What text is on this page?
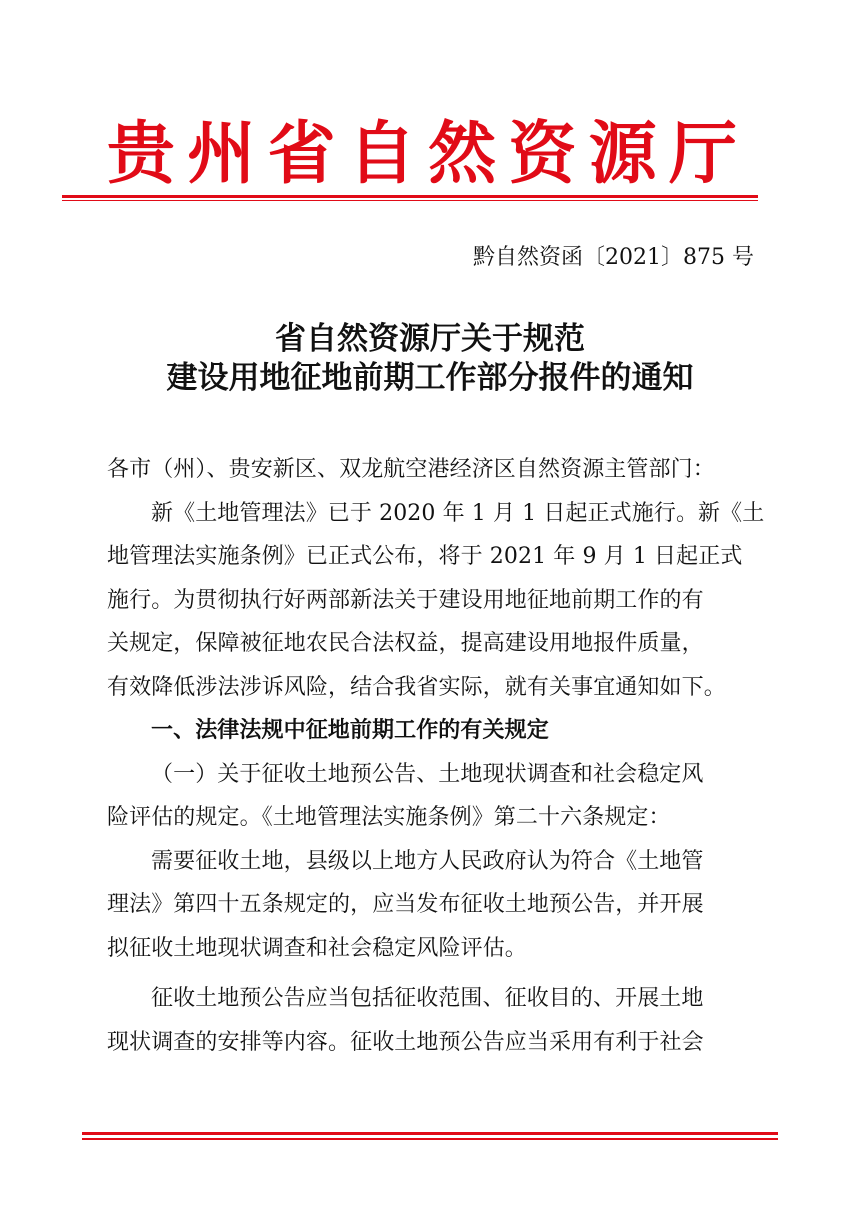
贵 州 省 自 然 资 源 厅
黔自然资函〔2021〕875 号
省自然资源厅关于规范
建设用地征地前期工作部分报件的通知
各市（州）、贵安新区、双龙航空港经济区自然资源主管部门：
新《土地管理法》已于 2020 年 1 月 1 日起正式施行。新《土
地管理法实施条例》已正式公布，将于 2021 年 9 月 1 日起正式
施行。为贯彻执行好两部新法关于建设用地征地前期工作的有
关规定，保障被征地农民合法权益，提高建设用地报件质量，
有效降低涉法涉诉风险，结合我省实际，就有关事宜通知如下。
一、法律法规中征地前期工作的有关规定
（一）关于征收土地预公告、土地现状调查和社会稳定风
险评估的规定。《土地管理法实施条例》第二十六条规定：
需要征收土地，县级以上地方人民政府认为符合《土地管
理法》第四十五条规定的，应当发布征收土地预公告，并开展
拟征收土地现状调查和社会稳定风险评估。
征收土地预公告应当包括征收范围、征收目的、开展土地
现状调查的安排等内容。征收土地预公告应当采用有利于社会
